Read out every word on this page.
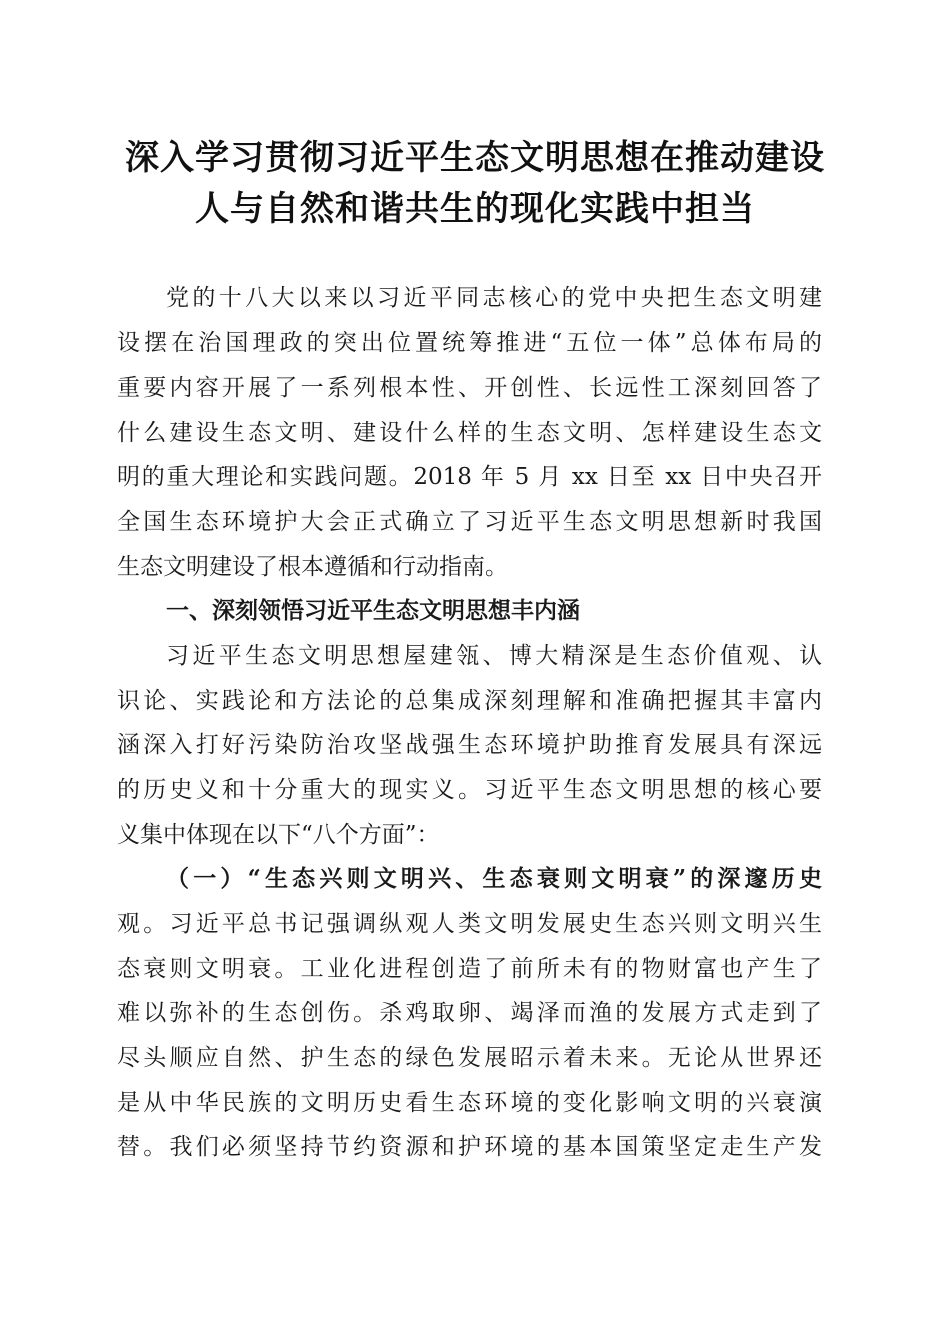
深入学习贯彻习近平生态文明思想在推动建设
人与自然和谐共生的现化实践中担当
党的十八大以来以习近平同志核心的党中央把生态文明建
设摆在治国理政的突出位置统筹推进“五位一体”总体布局的
重要内容开展了一系列根本性、开创性、长远性工深刻回答了
什么建设生态文明、建设什么样的生态文明、怎样建设生态文
明的重大理论和实践问题。2018 年 5 月 xx 日至 xx 日中央召开
全国生态环境护大会正式确立了习近平生态文明思想新时我国
生态文明建设了根本遵循和行动指南。
一、深刻领悟习近平生态文明思想丰内涵
习近平生态文明思想屋建瓴、博大精深是生态价值观、认
识论、实践论和方法论的总集成深刻理解和准确把握其丰富内
涵深入打好污染防治攻坚战强生态环境护助推育发展具有深远
的历史义和十分重大的现实义。习近平生态文明思想的核心要
义集中体现在以下“八个方面”：
（一）“生态兴则文明兴、生态衰则文明衰”的深邃历史
观。习近平总书记强调纵观人类文明发展史生态兴则文明兴生
态衰则文明衰。工业化进程创造了前所未有的物财富也产生了
难以弥补的生态创伤。杀鸡取卵、竭泽而渔的发展方式走到了
尽头顺应自然、护生态的绿色发展昭示着未来。无论从世界还
是从中华民族的文明历史看生态环境的变化影响文明的兴衰演
替。我们必须坚持节约资源和护环境的基本国策坚定走生产发
